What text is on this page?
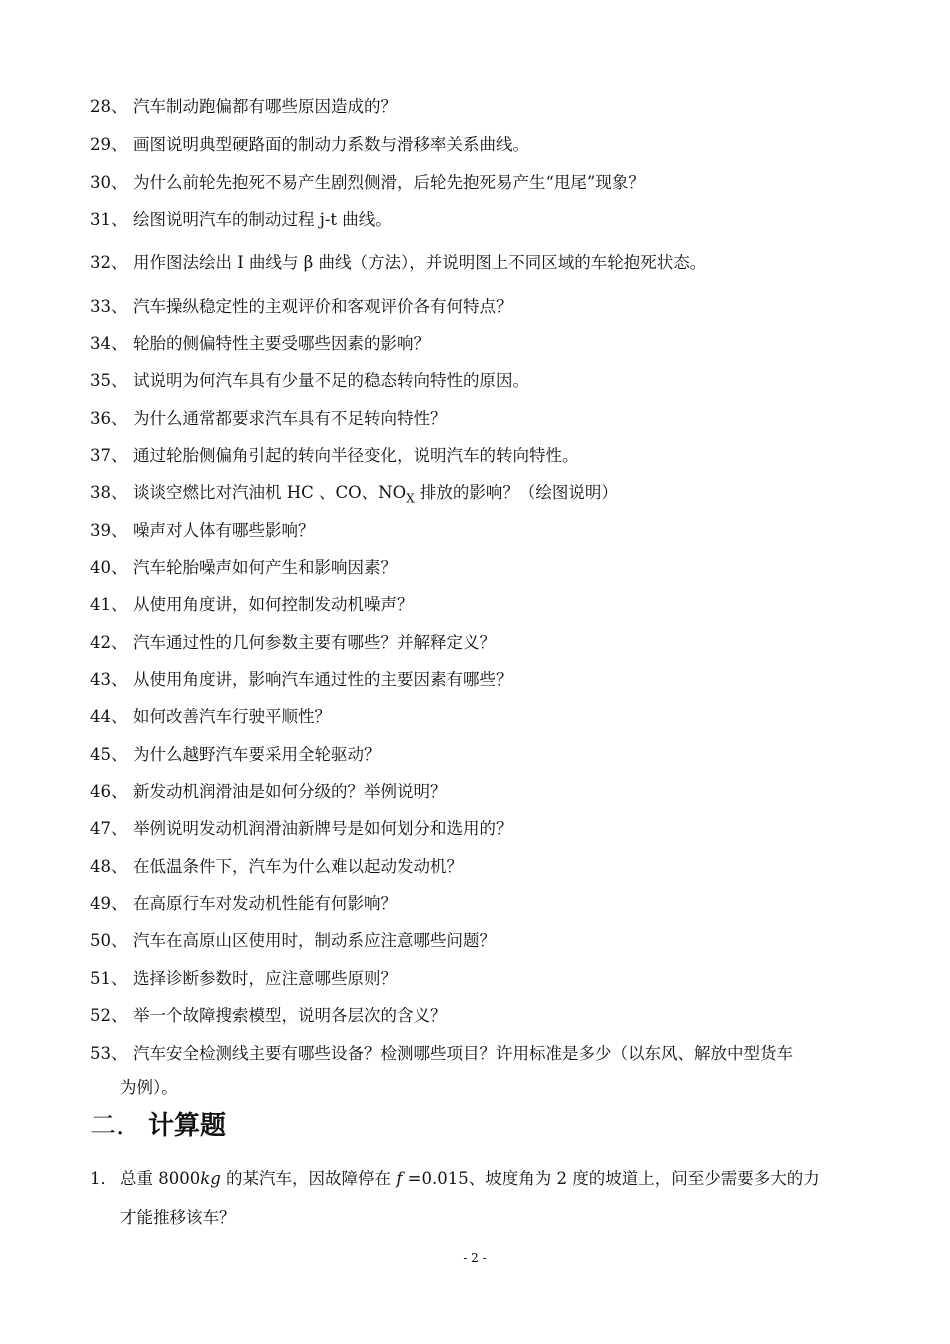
28、 汽车制动跑偏都有哪些原因造成的？
29、 画图说明典型硬路面的制动力系数与滑移率关系曲线。
30、 为什么前轮先抱死不易产生剧烈侧滑，后轮先抱死易产生“甩尾”现象？
31、 绘图说明汽车的制动过程 j-t 曲线。
32、 用作图法绘出 I 曲线与 β 曲线（方法），并说明图上不同区域的车轮抱死状态。
33、 汽车操纵稳定性的主观评价和客观评价各有何特点？
34、 轮胎的侧偏特性主要受哪些因素的影响？
35、 试说明为何汽车具有少量不足的稳态转向特性的原因。
36、 为什么通常都要求汽车具有不足转向特性？
37、 通过轮胎侧偏角引起的转向半径变化，说明汽车的转向特性。
38、 谈谈空燃比对汽油机 HC 、CO、$NO_X$ 排放的影响？（绘图说明）
39、 噪声对人体有哪些影响？
40、 汽车轮胎噪声如何产生和影响因素？
41、 从使用角度讲，如何控制发动机噪声？
42、 汽车通过性的几何参数主要有哪些？并解释定义？
43、 从使用角度讲，影响汽车通过性的主要因素有哪些？
44、 如何改善汽车行驶平顺性？
45、 为什么越野汽车要采用全轮驱动？
46、 新发动机润滑油是如何分级的？举例说明？
47、 举例说明发动机润滑油新牌号是如何划分和选用的？
48、 在低温条件下，汽车为什么难以起动发动机？
49、 在高原行车对发动机性能有何影响？
50、 汽车在高原山区使用时，制动系应注意哪些问题？
51、 选择诊断参数时，应注意哪些原则？
52、 举一个故障搜索模型，说明各层次的含义？
53、 汽车安全检测线主要有哪些设备？检测哪些项目？许用标准是多少（以东风、解放中型货车
为例）。
二. 计算题
1． 总重 8000kg 的某汽车，因故障停在 f =0.015、坡度角为 2 度的坡道上，问至少需要多大的力
才能推移该车？
- 2 -
